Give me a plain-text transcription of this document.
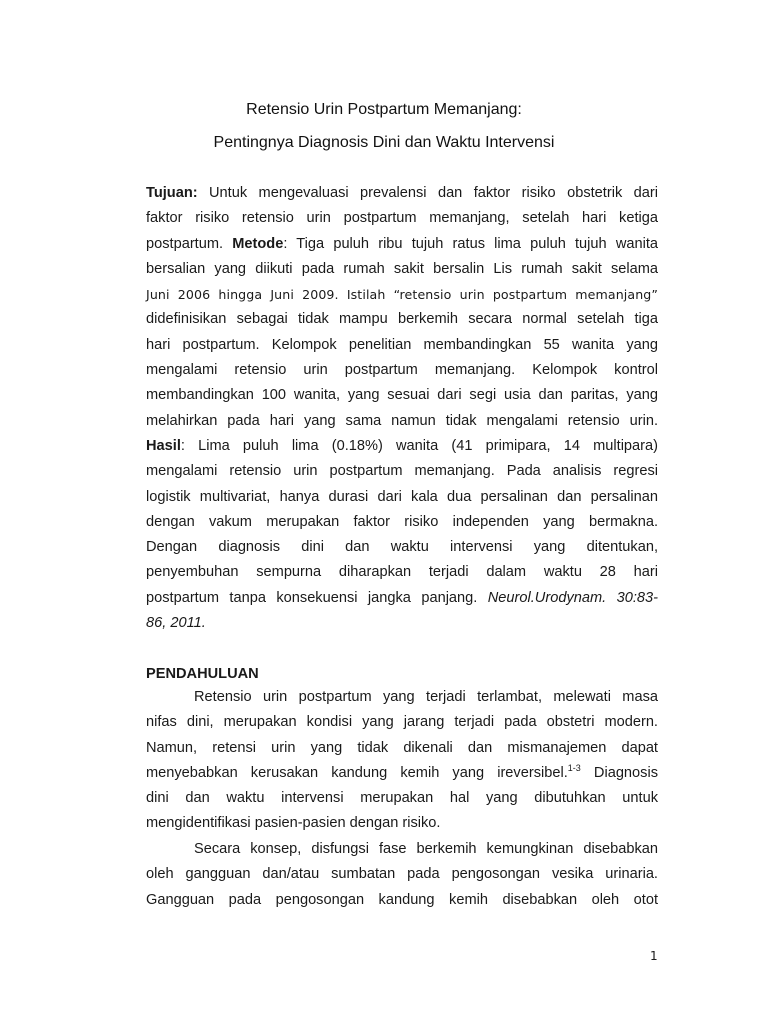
Retensio Urin Postpartum Memanjang:
Pentingnya Diagnosis Dini dan Waktu Intervensi
Tujuan: Untuk mengevaluasi prevalensi dan faktor risiko obstetrik dari
faktor risiko retensio urin postpartum memanjang, setelah hari ketiga
postpartum. Metode: Tiga puluh ribu tujuh ratus lima puluh tujuh wanita
bersalian yang diikuti pada rumah sakit bersalin Lis rumah sakit selama
Juni 2006 hingga Juni 2009. Istilah “retensio urin postpartum memanjang”
didefinisikan sebagai tidak mampu berkemih secara normal setelah tiga
hari postpartum. Kelompok penelitian membandingkan 55 wanita yang
mengalami retensio urin postpartum memanjang. Kelompok kontrol
membandingkan 100 wanita, yang sesuai dari segi usia dan paritas, yang
melahirkan pada hari yang sama namun tidak mengalami retensio urin.
Hasil: Lima puluh lima (0.18%) wanita (41 primipara, 14 multipara)
mengalami retensio urin postpartum memanjang. Pada analisis regresi
logistik multivariat, hanya durasi dari kala dua persalinan dan persalinan
dengan vakum merupakan faktor risiko independen yang bermakna.
Dengan diagnosis dini dan waktu intervensi yang ditentukan,
penyembuhan sempurna diharapkan terjadi dalam waktu 28 hari
postpartum tanpa konsekuensi jangka panjang. Neurol.Urodynam. 30:83-
86, 2011.
PENDAHULUAN
Retensio urin postpartum yang terjadi terlambat, melewati masa
nifas dini, merupakan kondisi yang jarang terjadi pada obstetri modern.
Namun, retensi urin yang tidak dikenali dan mismanajemen dapat
menyebabkan kerusakan kandung kemih yang ireversibel.$^{1-3}$ Diagnosis
dini dan waktu intervensi merupakan hal yang dibutuhkan untuk
mengidentifikasi pasien-pasien dengan risiko.
Secara konsep, disfungsi fase berkemih kemungkinan disebabkan
oleh gangguan dan/atau sumbatan pada pengosongan vesika urinaria.
Gangguan pada pengosongan kandung kemih disebabkan oleh otot
1
